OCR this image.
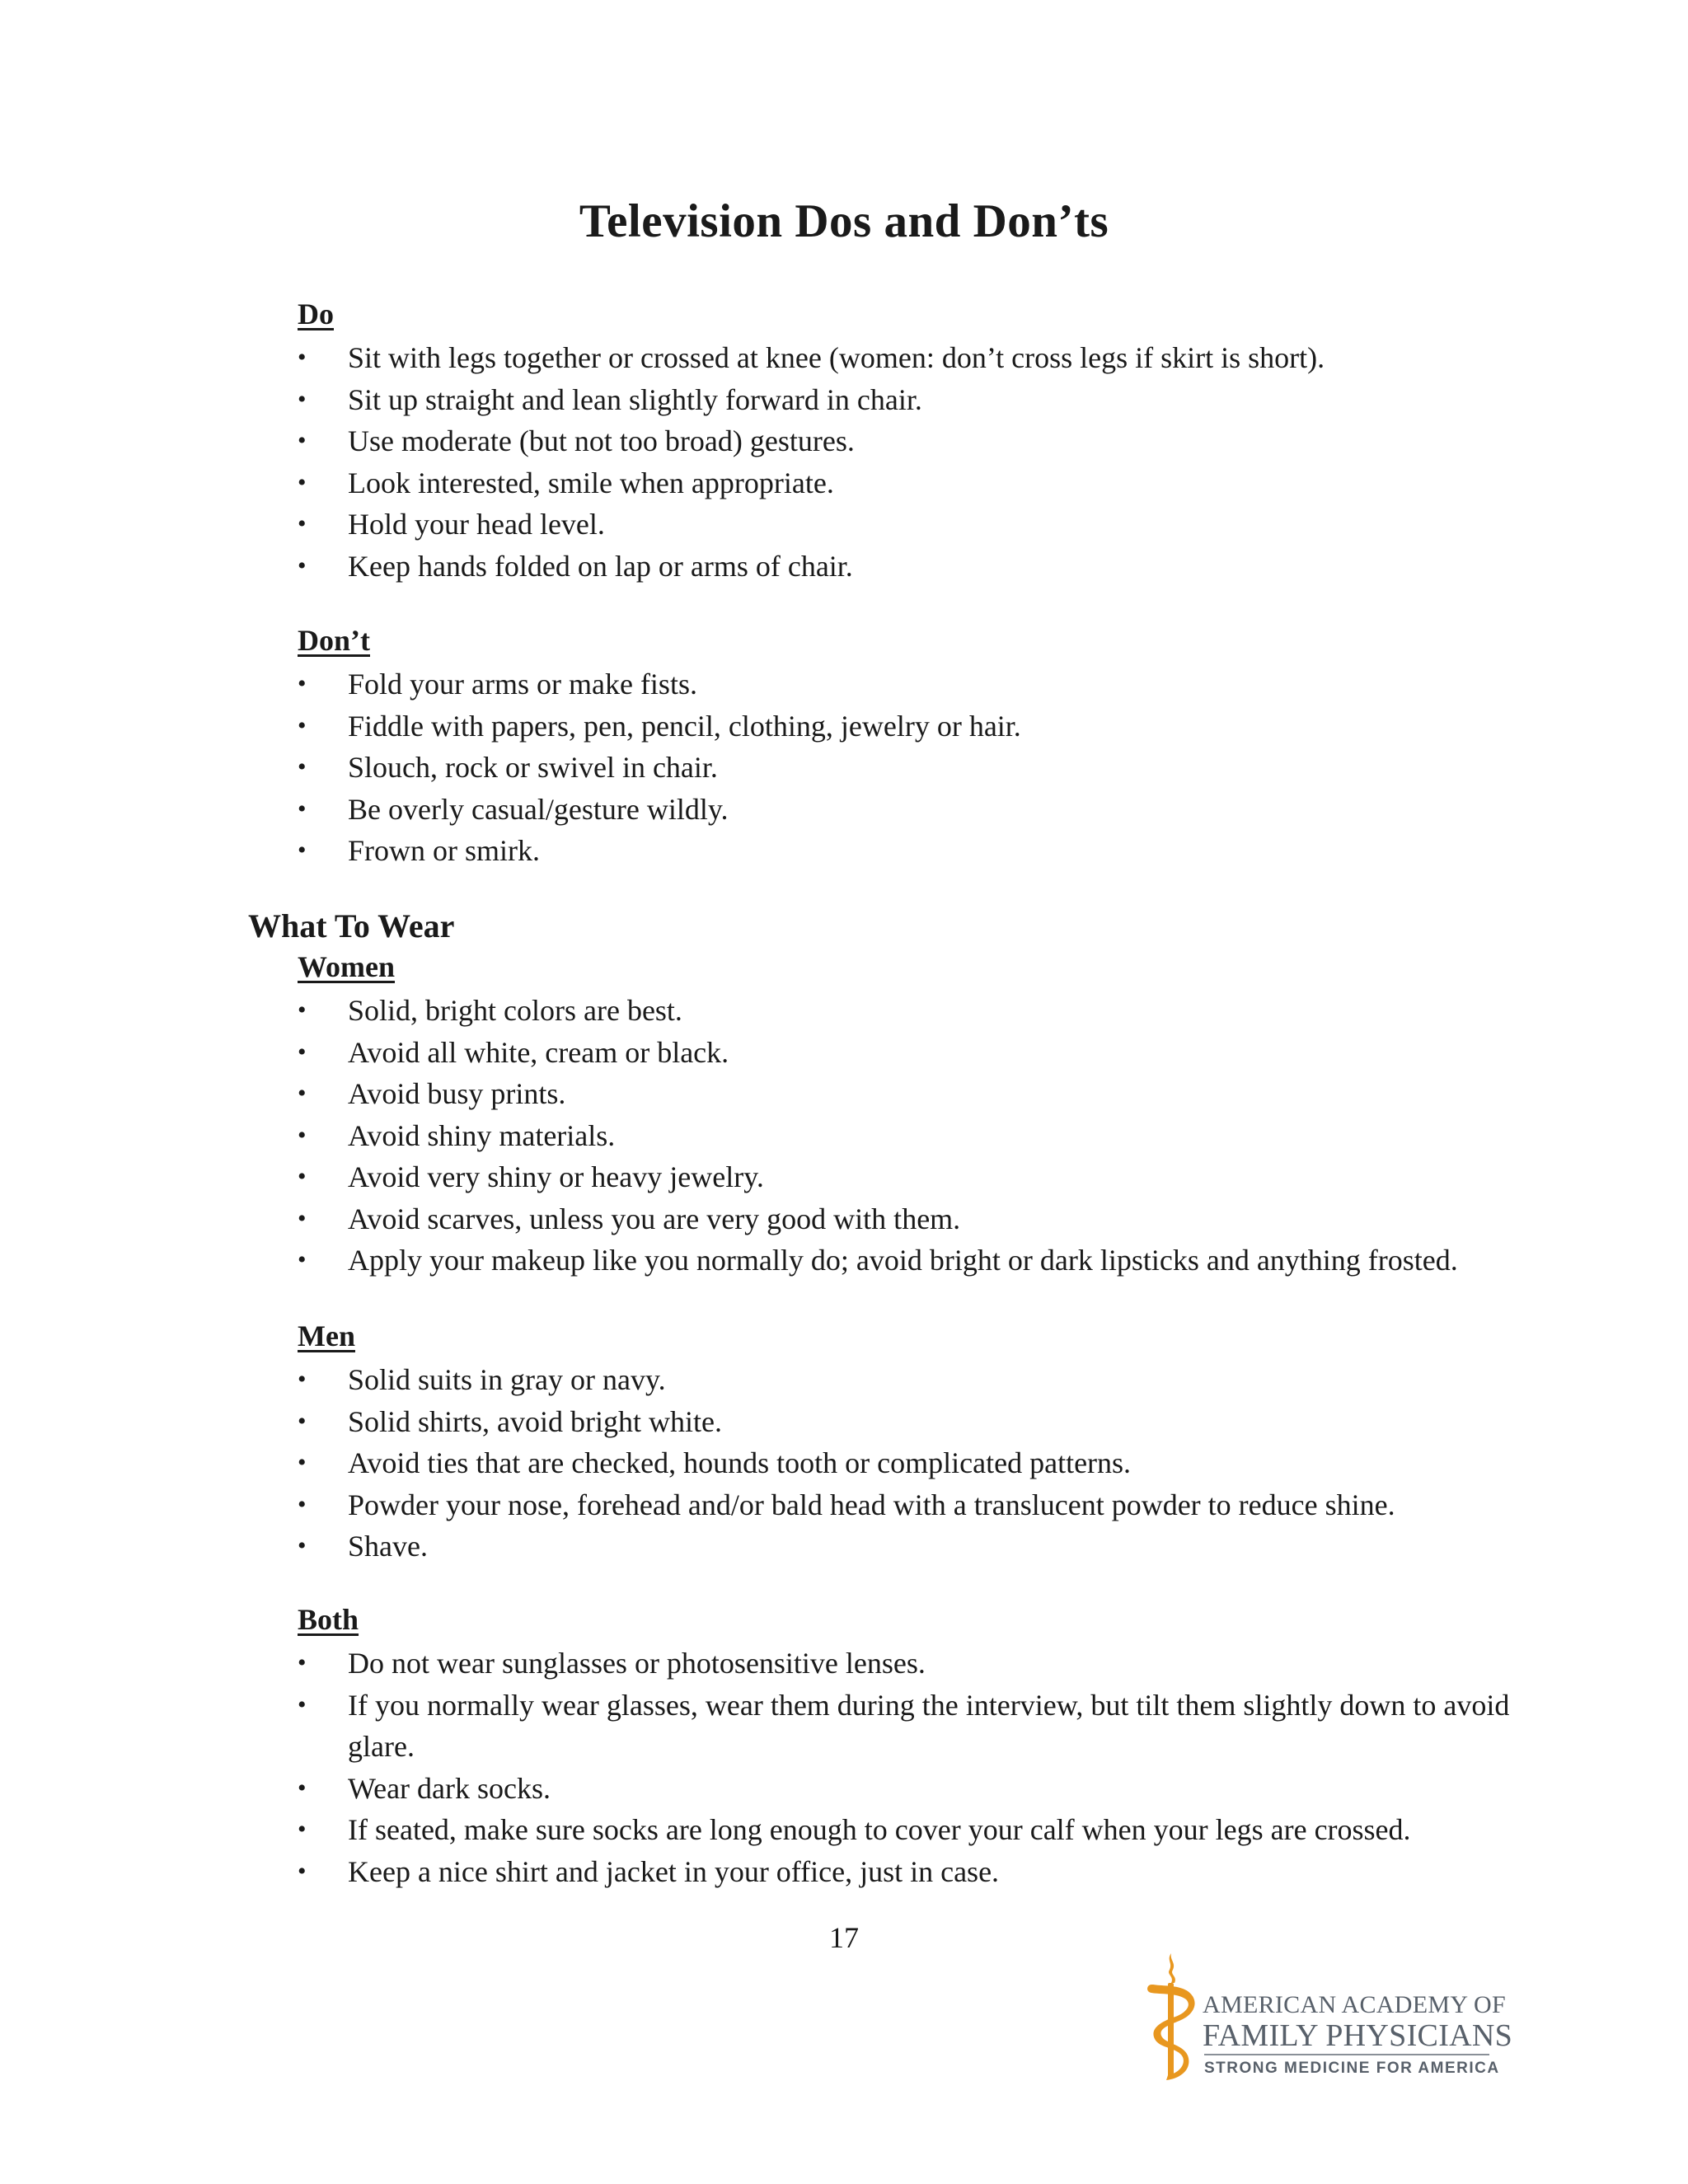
Television Dos and Don’ts
Do
• Sit with legs together or crossed at knee (women: don’t cross legs if skirt is short).
• Sit up straight and lean slightly forward in chair.
• Use moderate (but not too broad) gestures.
• Look interested, smile when appropriate.
• Hold your head level.
• Keep hands folded on lap or arms of chair.
Don’t
• Fold your arms or make fists.
• Fiddle with papers, pen, pencil, clothing, jewelry or hair.
• Slouch, rock or swivel in chair.
• Be overly casual/gesture wildly.
• Frown or smirk.
What To Wear
Women
• Solid, bright colors are best.
• Avoid all white, cream or black.
• Avoid busy prints.
• Avoid shiny materials.
• Avoid very shiny or heavy jewelry.
• Avoid scarves, unless you are very good with them.
• Apply your makeup like you normally do; avoid bright or dark lipsticks and anything frosted.
Men
• Solid suits in gray or navy.
• Solid shirts, avoid bright white.
• Avoid ties that are checked, hounds tooth or complicated patterns.
• Powder your nose, forehead and/or bald head with a translucent powder to reduce shine.
• Shave.
Both
• Do not wear sunglasses or photosensitive lenses.
• If you normally wear glasses, wear them during the interview, but tilt them slightly down to avoid glare.
• Wear dark socks.
• If seated, make sure socks are long enough to cover your calf when your legs are crossed.
• Keep a nice shirt and jacket in your office, just in case.
17
AMERICAN ACADEMY OF
FAMILY PHYSICIANS
STRONG MEDICINE FOR AMERICA
